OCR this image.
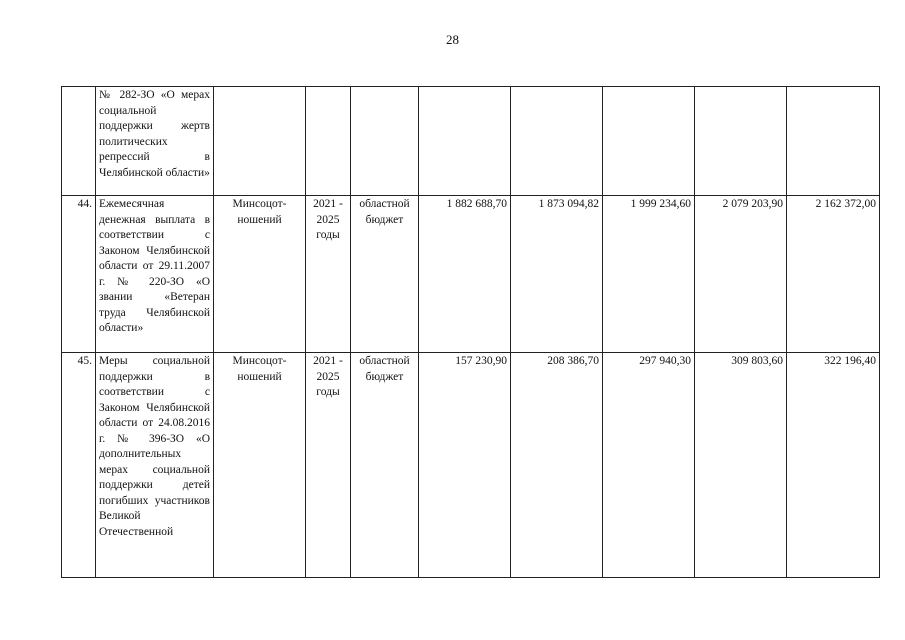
28
	№ 282-ЗО «О мерах социальной поддержки жертв политических репрессий в Челябинской области»								
44.	Ежемесячная денежная выплата в соответствии с Законом Челябинской области от 29.11.2007 г. № 220-ЗО «О звании «Ветеран труда Челябинской области»	Минсоцот-ношений	2021 - 2025 годы	областной бюджет	1 882 688,70	1 873 094,82	1 999 234,60	2 079 203,90	2 162 372,00
45.	Меры социальной поддержки в соответствии с Законом Челябинской области от 24.08.2016 г. № 396-ЗО «О дополнительных мерах социальной поддержки детей погибших участников Великой Отечественной	Минсоцот-ношений	2021 - 2025 годы	областной бюджет	157 230,90	208 386,70	297 940,30	309 803,60	322 196,40
